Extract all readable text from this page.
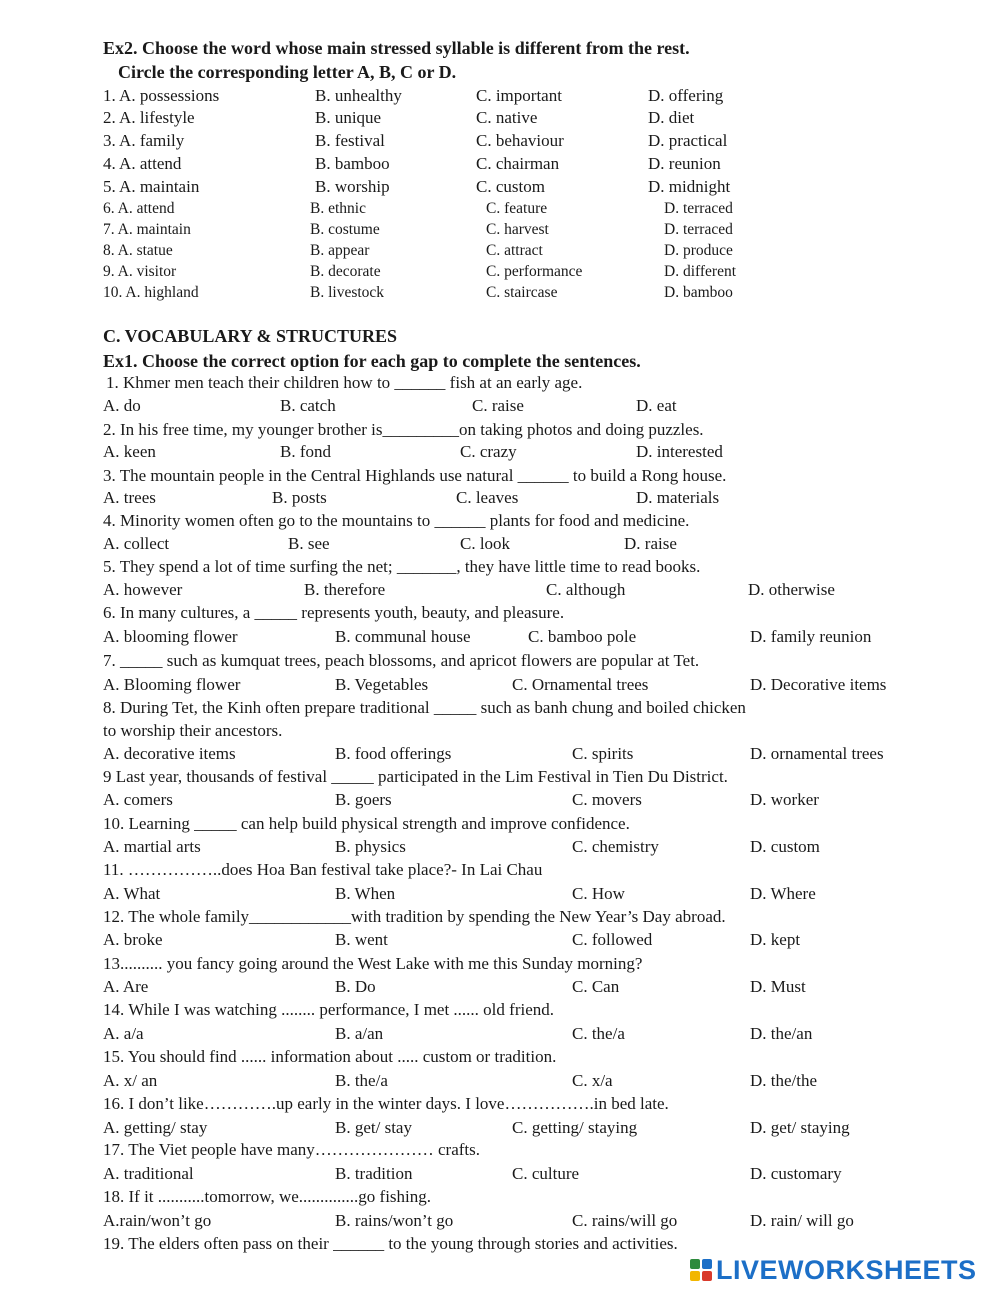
Ex2. Choose the word whose main stressed syllable is different from the rest.
Circle the corresponding letter A, B, C or D.
1. A. possessions	B. unhealthy	C. important	D. offering
2. A. lifestyle	B. unique	C. native	D. diet
3. A. family	B. festival	C. behaviour	D. practical
4. A. attend	B. bamboo	C. chairman	D. reunion
5. A. maintain	B. worship	C. custom	D. midnight
6. A. attend	B. ethnic	C. feature	D. terraced
7. A. maintain	B. costume	C. harvest	D. terraced
8. A. statue	B. appear	C. attract	D. produce
9. A. visitor	B. decorate	C. performance	D. different
10. A. highland	B. livestock	C. staircase	D. bamboo
C. VOCABULARY & STRUCTURES
Ex1. Choose the correct option for each gap to complete the sentences.
1. Khmer men teach their children how to ______ fish at an early age.
A. do	B. catch	C. raise	D. eat
2. In his free time, my younger brother is_________on taking photos and doing puzzles.
A. keen	B. fond	C. crazy	D. interested
3. The mountain people in the Central Highlands use natural ______ to build a Rong house.
A. trees	B. posts	C. leaves	D. materials
4. Minority women often go to the mountains to ______ plants for food and medicine.
A. collect	B. see	C. look	D. raise
5. They spend a lot of time surfing the net; _______, they have little time to read books.
A. however	B. therefore	C. although	D. otherwise
6. In many cultures, a _____ represents youth, beauty, and pleasure.
A. blooming flower	B. communal house	C. bamboo pole	D. family reunion
7. _____ such as kumquat trees, peach blossoms, and apricot flowers are popular at Tet.
A. Blooming flower	B. Vegetables	C. Ornamental trees	D. Decorative items
8. During Tet, the Kinh often prepare traditional _____ such as banh chung and boiled chicken
to worship their ancestors.
A. decorative items	B. food offerings	C. spirits	D. ornamental trees
9 Last year, thousands of festival _____ participated in the Lim Festival in Tien Du District.
A. comers	B. goers	C. movers	D. worker
10. Learning _____ can help build physical strength and improve confidence.
A. martial arts	B. physics	C. chemistry	D. custom
11. ……………..does Hoa Ban festival take place?- In Lai Chau
A. What	B. When	C. How	D. Where
12. The whole family____________with tradition by spending the New Year’s Day abroad.
A. broke	B. went	C. followed	D. kept
13.......... you fancy going around the West Lake with me this Sunday morning?
A. Are	B. Do	C. Can	D. Must
14. While I was watching ........ performance, I met ...... old friend.
A. a/a	B. a/an	C. the/a	D. the/an
15. You should find ...... information about ..... custom or tradition.
A. x/ an	B. the/a	C. x/a	D. the/the
16. I don’t like………….up early in the winter days. I love…………….in bed late.
A. getting/ stay	B. get/ stay	C. getting/ staying	D. get/ staying
17. The Viet people have many………………… crafts.
A. traditional	B. tradition	C. culture	D. customary
18. If it ...........tomorrow, we..............go fishing.
A.rain/won’t go	B. rains/won’t go	C. rains/will go	D. rain/ will go
19. The elders often pass on their ______ to the young through stories and activities.
LIVEWORKSHEETS
